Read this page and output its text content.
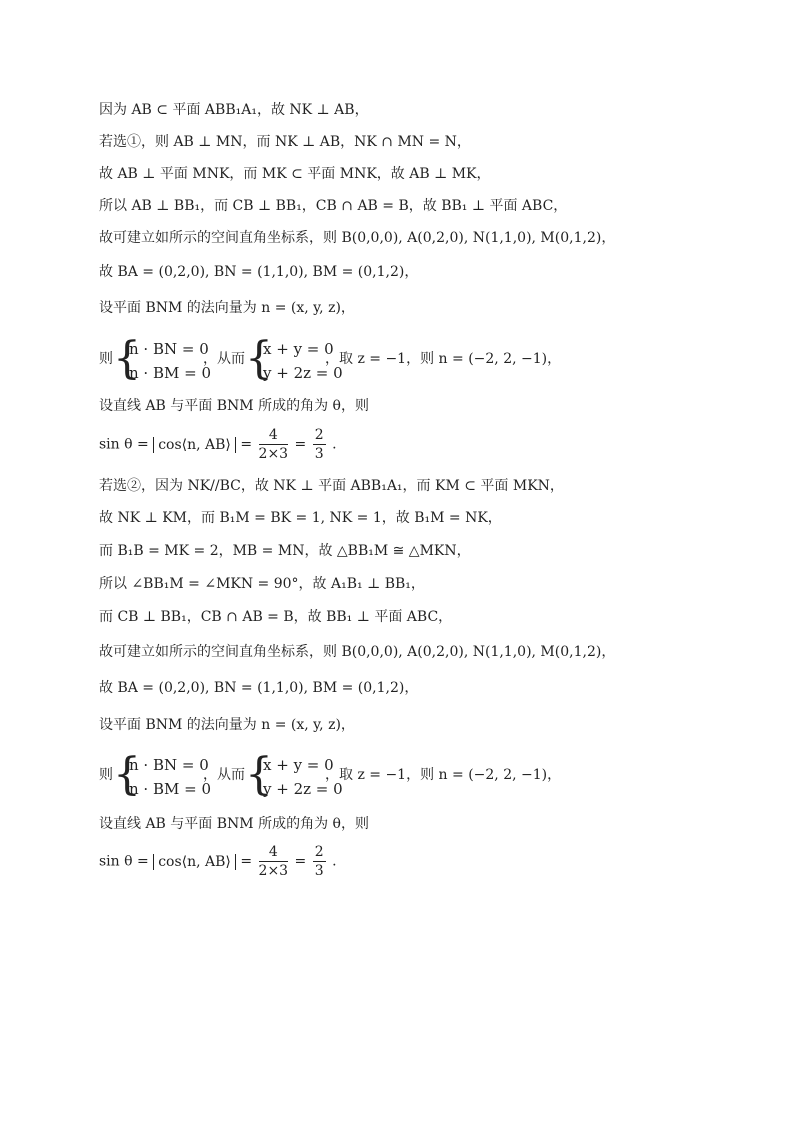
因为 AB ⊂ 平面 ABB₁A₁，故 NK ⊥ AB，
若选①，则 AB ⊥ MN，而 NK ⊥ AB，NK ∩ MN = N，
故 AB ⊥ 平面 MNK，而 MK ⊂ 平面 MNK，故 AB ⊥ MK，
所以 AB ⊥ BB₁，而 CB ⊥ BB₁，CB ∩ AB = B，故 BB₁ ⊥ 平面 ABC，
故可建立如所示的空间直角坐标系，则 B(0,0,0), A(0,2,0), N(1,1,0), M(0,1,2)，
故 BA = (0,2,0), BN = (1,1,0), BM = (0,1,2)，
设平面 BNM 的法向量为 n = (x, y, z)，
则 {
n · BN = 0
n · BM = 0
，从而 {
x + y = 0
y + 2z = 0
，取 z = −1，则 n = (−2, 2, −1)，
设直线 AB 与平面 BNM 所成的角为 θ，则
sin θ = cos⟨n, AB⟩ = $\frac{4}{2\times 3} = \frac{2}{3}$ .
若选②，因为 NK//BC，故 NK ⊥ 平面 ABB₁A₁，而 KM ⊂ 平面 MKN，
故 NK ⊥ KM，而 B₁M = BK = 1, NK = 1，故 B₁M = NK，
而 B₁B = MK = 2，MB = MN，故 △BB₁M ≅ △MKN，
所以 ∠BB₁M = ∠MKN = 90°，故 A₁B₁ ⊥ BB₁，
而 CB ⊥ BB₁，CB ∩ AB = B，故 BB₁ ⊥ 平面 ABC，
故可建立如所示的空间直角坐标系，则 B(0,0,0), A(0,2,0), N(1,1,0), M(0,1,2)，
故 BA = (0,2,0), BN = (1,1,0), BM = (0,1,2)，
设平面 BNM 的法向量为 n = (x, y, z)，
则 {
n · BN = 0
n · BM = 0
，从而 {
x + y = 0
y + 2z = 0
，取 z = −1，则 n = (−2, 2, −1)，
设直线 AB 与平面 BNM 所成的角为 θ，则
sin θ = cos⟨n, AB⟩ = $\frac{4}{2\times 3} = \frac{2}{3}$ .
